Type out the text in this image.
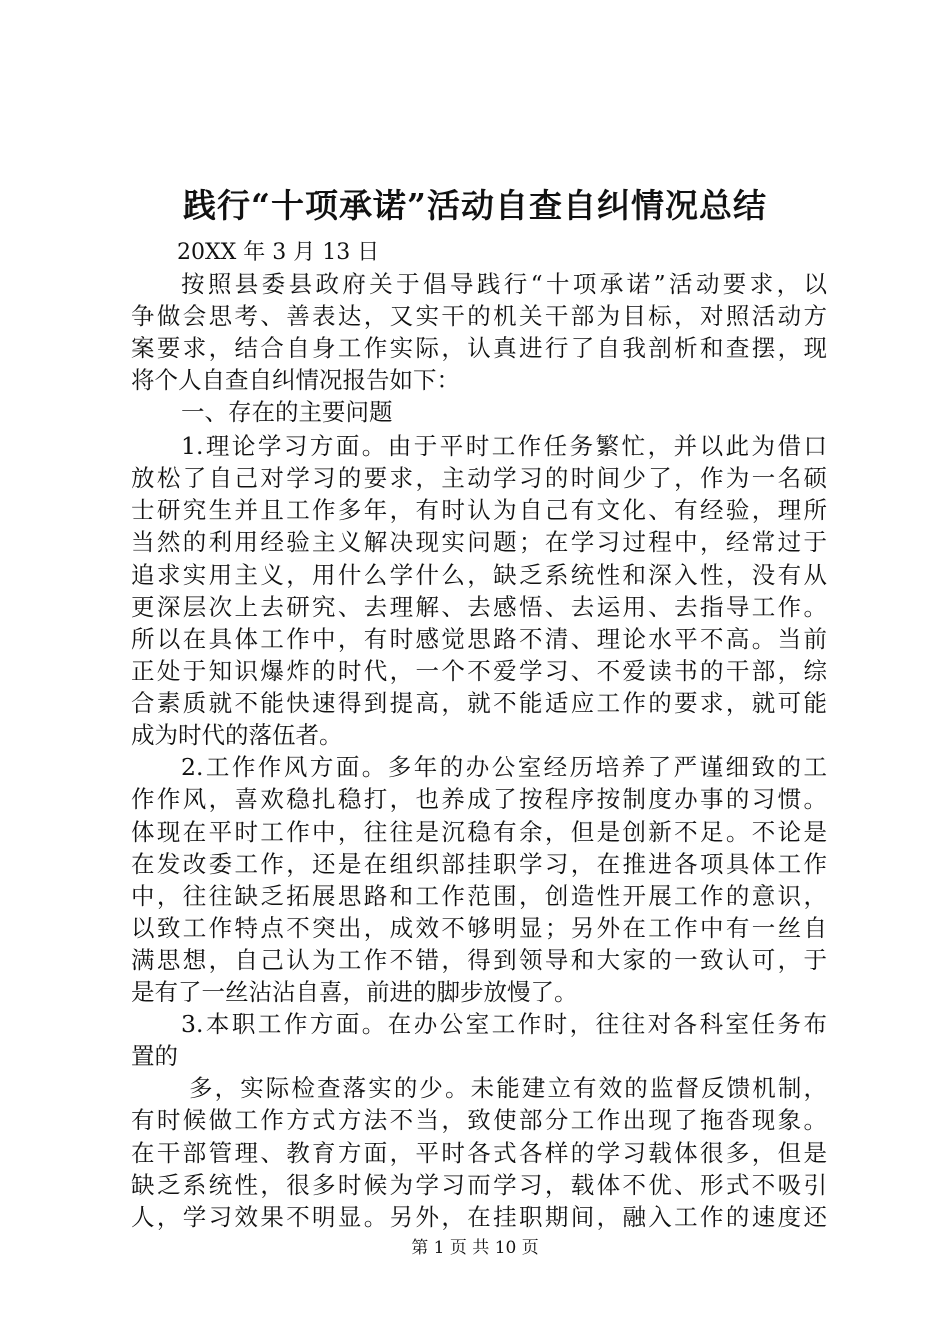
践行“十项承诺”活动自查自纠情况总结
20XX 年 3 月 13 日
按照县委县政府关于倡导践行“十项承诺”活动要求，以
争做会思考、善表达，又实干的机关干部为目标，对照活动方
案要求，结合自身工作实际，认真进行了自我剖析和查摆，现
将个人自查自纠情况报告如下：
一、存在的主要问题
1.理论学习方面。由于平时工作任务繁忙，并以此为借口
放松了自己对学习的要求，主动学习的时间少了，作为一名硕
士研究生并且工作多年，有时认为自己有文化、有经验，理所
当然的利用经验主义解决现实问题；在学习过程中，经常过于
追求实用主义，用什么学什么，缺乏系统性和深入性，没有从
更深层次上去研究、去理解、去感悟、去运用、去指导工作。
所以在具体工作中，有时感觉思路不清、理论水平不高。当前
正处于知识爆炸的时代，一个不爱学习、不爱读书的干部，综
合素质就不能快速得到提高，就不能适应工作的要求，就可能
成为时代的落伍者。
2.工作作风方面。多年的办公室经历培养了严谨细致的工
作作风，喜欢稳扎稳打，也养成了按程序按制度办事的习惯。
体现在平时工作中，往往是沉稳有余，但是创新不足。不论是
在发改委工作，还是在组织部挂职学习，在推进各项具体工作
中，往往缺乏拓展思路和工作范围，创造性开展工作的意识，
以致工作特点不突出，成效不够明显；另外在工作中有一丝自
满思想，自己认为工作不错，得到领导和大家的一致认可，于
是有了一丝沾沾自喜，前进的脚步放慢了。
3.本职工作方面。在办公室工作时，往往对各科室任务布
置的
多，实际检查落实的少。未能建立有效的监督反馈机制，
有时候做工作方式方法不当，致使部分工作出现了拖沓现象。
在干部管理、教育方面，平时各式各样的学习载体很多，但是
缺乏系统性，很多时候为学习而学习，载体不优、形式不吸引
人，学习效果不明显。另外，在挂职期间，融入工作的速度还
第 1 页 共 10 页
